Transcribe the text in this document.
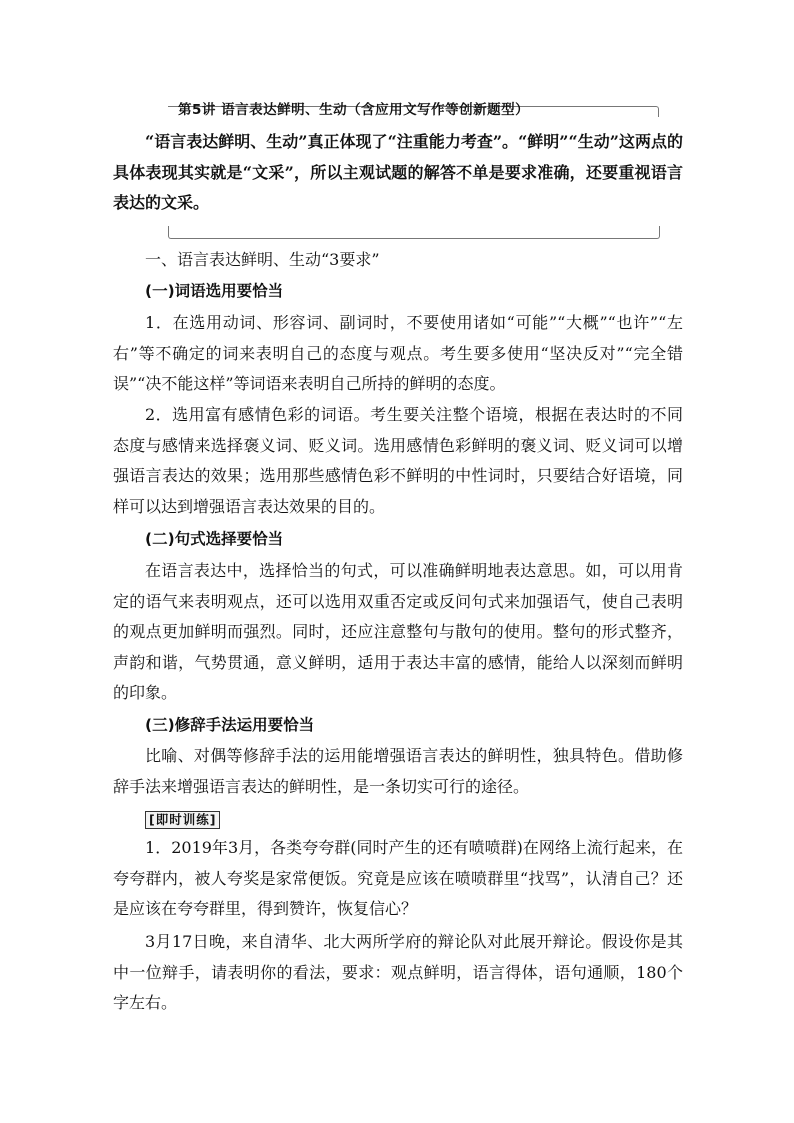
第5讲 语言表达鲜明、生动（含应用文写作等创新题型）
“语言表达鲜明、生动”真正体现了“注重能力考查”。“鲜明”“生动”这两点的具体表现其实就是“文采”，所以主观试题的解答不单是要求准确，还要重视语言表达的文采。
一、语言表达鲜明、生动“3要求”
(一)词语选用要恰当
1．在选用动词、形容词、副词时，不要使用诸如“可能”“大概”“也许”“左右”等不确定的词来表明自己的态度与观点。考生要多使用“坚决反对”“完全错误”“决不能这样”等词语来表明自己所持的鲜明的态度。
2．选用富有感情色彩的词语。考生要关注整个语境，根据在表达时的不同态度与感情来选择褒义词、贬义词。选用感情色彩鲜明的褒义词、贬义词可以增强语言表达的效果；选用那些感情色彩不鲜明的中性词时，只要结合好语境，同样可以达到增强语言表达效果的目的。
(二)句式选择要恰当
在语言表达中，选择恰当的句式，可以准确鲜明地表达意思。如，可以用肯定的语气来表明观点，还可以选用双重否定或反问句式来加强语气，使自己表明的观点更加鲜明而强烈。同时，还应注意整句与散句的使用。整句的形式整齐，声韵和谐，气势贯通，意义鲜明，适用于表达丰富的感情，能给人以深刻而鲜明的印象。
(三)修辞手法运用要恰当
比喻、对偶等修辞手法的运用能增强语言表达的鲜明性，独具特色。借助修辞手法来增强语言表达的鲜明性，是一条切实可行的途径。
[即时训练]
1．2019年3月，各类夸夸群(同时产生的还有喷喷群)在网络上流行起来，在夸夸群内，被人夸奖是家常便饭。究竟是应该在喷喷群里“找骂”，认清自己？还是应该在夸夸群里，得到赞许，恢复信心？
3月17日晚，来自清华、北大两所学府的辩论队对此展开辩论。假设你是其中一位辩手，请表明你的看法，要求：观点鲜明，语言得体，语句通顺，180个字左右。
